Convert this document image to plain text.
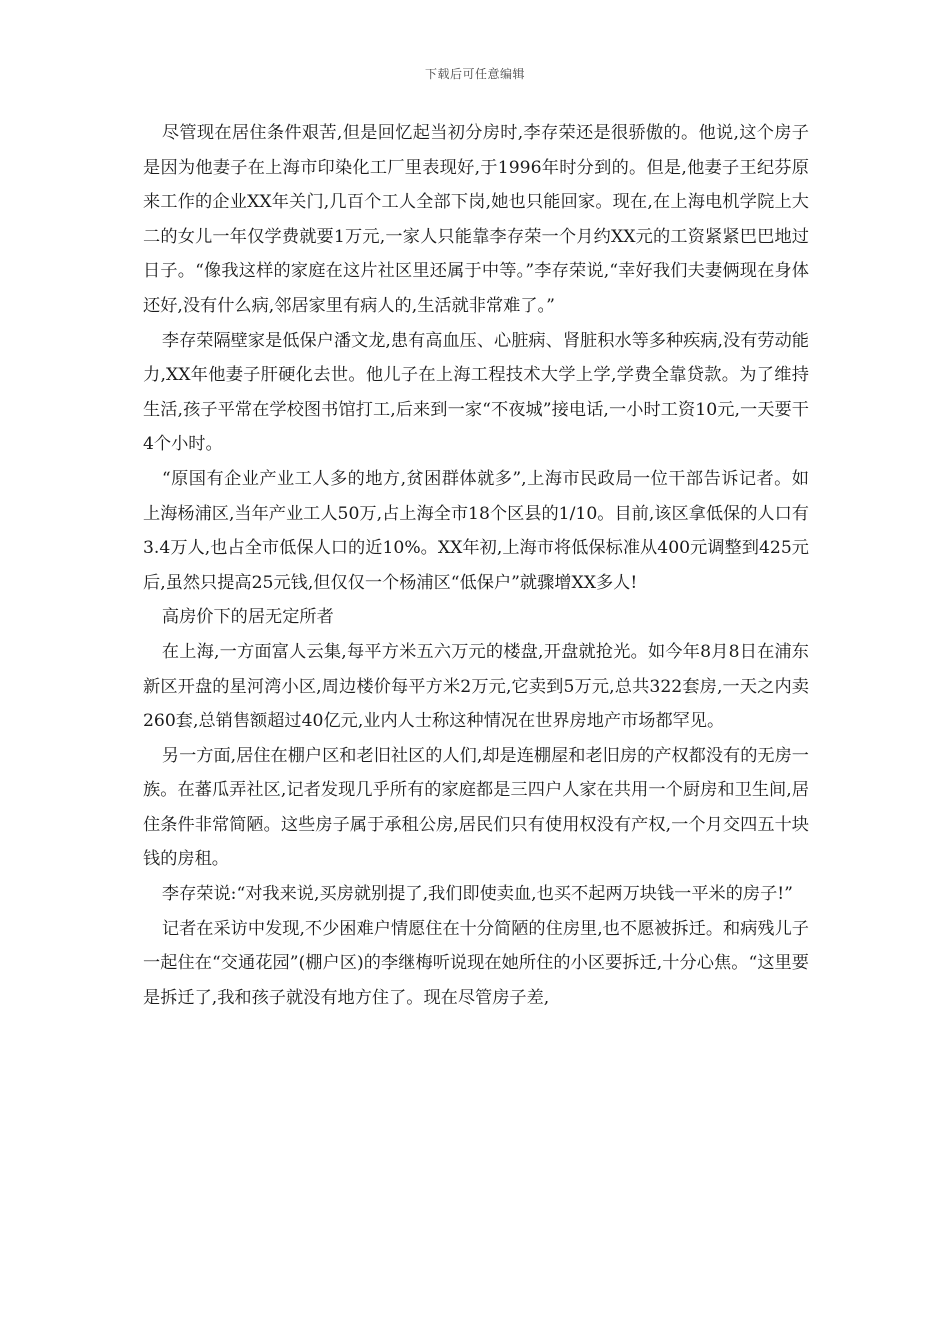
下载后可任意编辑

尽管现在居住条件艰苦,但是回忆起当初分房时,李存荣还是很骄傲的。他说,这个房子是因为他妻子在上海市印染化工厂里表现好,于1996年时分到的。但是,他妻子王纪芬原来工作的企业XX年关门,几百个工人全部下岗,她也只能回家。现在,在上海电机学院上大二的女儿一年仅学费就要1万元,一家人只能靠李存荣一个月约XX元的工资紧紧巴巴地过日子。“像我这样的家庭在这片社区里还属于中等。”李存荣说,“幸好我们夫妻俩现在身体还好,没有什么病,邻居家里有病人的,生活就非常难了。”

李存荣隔壁家是低保户潘文龙,患有高血压、心脏病、肾脏积水等多种疾病,没有劳动能力,XX年他妻子肝硬化去世。他儿子在上海工程技术大学上学,学费全靠贷款。为了维持生活,孩子平常在学校图书馆打工,后来到一家“不夜城”接电话,一小时工资10元,一天要干4个小时。

“原国有企业产业工人多的地方,贫困群体就多”,上海市民政局一位干部告诉记者。如上海杨浦区,当年产业工人50万,占上海全市18个区县的1/10。目前,该区拿低保的人口有3.4万人,也占全市低保人口的近10%。XX年初,上海市将低保标准从400元调整到425元后,虽然只提高25元钱,但仅仅一个杨浦区“低保户”就骤增XX多人!

高房价下的居无定所者

在上海,一方面富人云集,每平方米五六万元的楼盘,开盘就抢光。如今年8月8日在浦东新区开盘的星河湾小区,周边楼价每平方米2万元,它卖到5万元,总共322套房,一天之内卖260套,总销售额超过40亿元,业内人士称这种情况在世界房地产市场都罕见。

另一方面,居住在棚户区和老旧社区的人们,却是连棚屋和老旧房的产权都没有的无房一族。在蕃瓜弄社区,记者发现几乎所有的家庭都是三四户人家在共用一个厨房和卫生间,居住条件非常简陋。这些房子属于承租公房,居民们只有使用权没有产权,一个月交四五十块钱的房租。

李存荣说:“对我来说,买房就别提了,我们即使卖血,也买不起两万块钱一平米的房子!”

记者在采访中发现,不少困难户情愿住在十分简陋的住房里,也不愿被拆迁。和病残儿子一起住在“交通花园”(棚户区)的李继梅听说现在她所住的小区要拆迁,十分心焦。“这里要是拆迁了,我和孩子就没有地方住了。现在尽管房子差,
